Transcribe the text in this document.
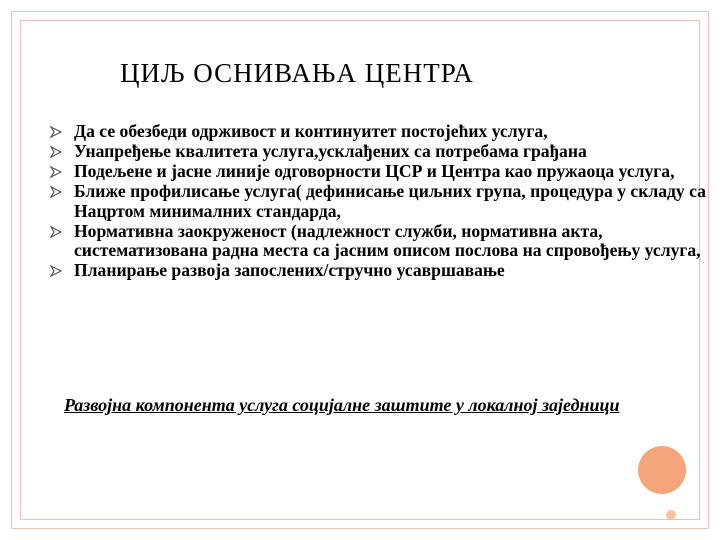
ЦИЉ ОСНИВАЊА ЦЕНТРА
Да се обезбеди одрживост и континуитет постојећих услуга,
Унапређење квалитета услуга,усклађених са потребама грађана
Подељене и јасне линије одговорности ЦСР и Центра као пружаоца услуга,
Ближе профилисање услуга( дефинисање циљних група, процедура у складу са Нацртом минималних стандарда,
Нормативна заокруженост (надлежност служби, нормативна акта, систематизована радна места са јасним описом послова на спровођењу услуга,
Планирање развоја запослених/стручно усавршавање
Развојна компонента услуга социјалне заштите у локалној заједници
